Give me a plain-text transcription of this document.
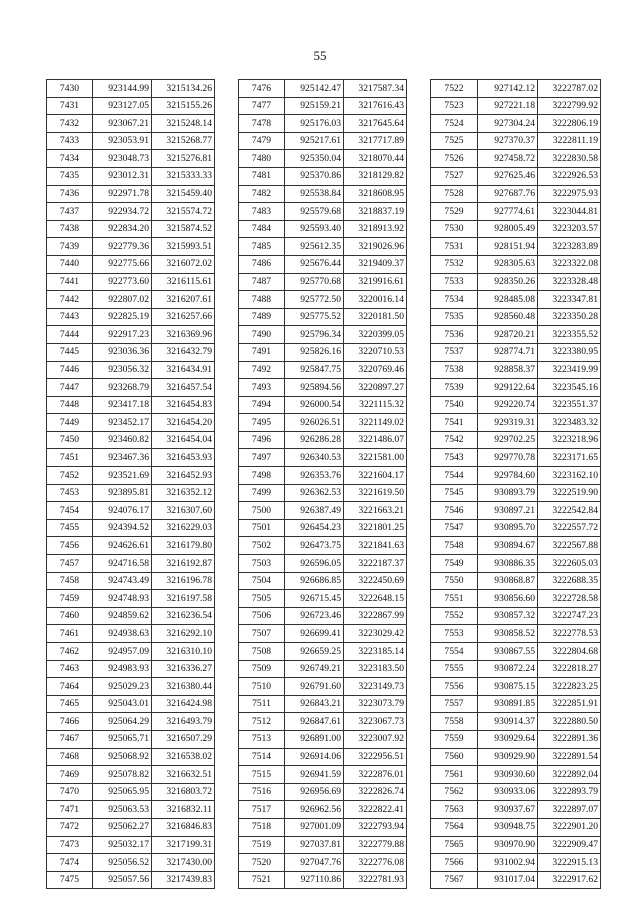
55
7430	923144.99	3215134.26
7431	923127.05	3215155.26
7432	923067.21	3215248.14
7433	923053.91	3215268.77
7434	923048.73	3215276.81
7435	923012.31	3215333.33
7436	922971.78	3215459.40
7437	922934.72	3215574.72
7438	922834.20	3215874.52
7439	922779.36	3215993.51
7440	922775.66	3216072.02
7441	922773.60	3216115.61
7442	922807.02	3216207.61
7443	922825.19	3216257.66
7444	922917.23	3216369.96
7445	923036.36	3216432.79
7446	923056.32	3216434.91
7447	923268.79	3216457.54
7448	923417.18	3216454.83
7449	923452.17	3216454.20
7450	923460.82	3216454.04
7451	923467.36	3216453.93
7452	923521.69	3216452.93
7453	923895.81	3216352.12
7454	924076.17	3216307.60
7455	924394.52	3216229.03
7456	924626.61	3216179.80
7457	924716.58	3216192.87
7458	924743.49	3216196.78
7459	924748.93	3216197.58
7460	924859.62	3216236.54
7461	924938.63	3216292.10
7462	924957.09	3216310.10
7463	924983.93	3216336.27
7464	925029.23	3216380.44
7465	925043.01	3216424.98
7466	925064.29	3216493.79
7467	925065.71	3216507.29
7468	925068.92	3216538.02
7469	925078.82	3216632.51
7470	925065.95	3216803.72
7471	925063.53	3216832.11
7472	925062.27	3216846.83
7473	925032.17	3217199.31
7474	925056.52	3217430.00
7475	925057.56	3217439.83
7476	925142.47	3217587.34
7477	925159.21	3217616.43
7478	925176.03	3217645.64
7479	925217.61	3217717.89
7480	925350.04	3218070.44
7481	925370.86	3218129.82
7482	925538.84	3218608.95
7483	925579.68	3218837.19
7484	925593.40	3218913.92
7485	925612.35	3219026.96
7486	925676.44	3219409.37
7487	925770.68	3219916.61
7488	925772.50	3220016.14
7489	925775.52	3220181.50
7490	925796.34	3220399.05
7491	925826.16	3220710.53
7492	925847.75	3220769.46
7493	925894.56	3220897.27
7494	926000.54	3221115.32
7495	926026.51	3221149.02
7496	926286.28	3221486.07
7497	926340.53	3221581.00
7498	926353.76	3221604.17
7499	926362.53	3221619.50
7500	926387.49	3221663.21
7501	926454.23	3221801.25
7502	926473.75	3221841.63
7503	926596.05	3222187.37
7504	926686.85	3222450.69
7505	926715.45	3222648.15
7506	926723.46	3222867.99
7507	926699.41	3223029.42
7508	926659.25	3223185.14
7509	926749.21	3223183.50
7510	926791.60	3223149.73
7511	926843.21	3223073.79
7512	926847.61	3223067.73
7513	926891.00	3223007.92
7514	926914.06	3222956.51
7515	926941.59	3222876.01
7516	926956.69	3222826.74
7517	926962.56	3222822.41
7518	927001.09	3222793.94
7519	927037.81	3222779.88
7520	927047.76	3222776.08
7521	927110.86	3222781.93
7522	927142.12	3222787.02
7523	927221.18	3222799.92
7524	927304.24	3222806.19
7525	927370.37	3222811.19
7526	927458.72	3222830.58
7527	927625.46	3222926.53
7528	927687.76	3222975.93
7529	927774.61	3223044.81
7530	928005.49	3223203.57
7531	928151.94	3223283.89
7532	928305.63	3223322.08
7533	928350.26	3223328.48
7534	928485.08	3223347.81
7535	928560.48	3223350.28
7536	928720.21	3223355.52
7537	928774.71	3223380.95
7538	928858.37	3223419.99
7539	929122.64	3223545.16
7540	929220.74	3223551.37
7541	929319.31	3223483.32
7542	929702.25	3223218.96
7543	929770.78	3223171.65
7544	929784.60	3223162.10
7545	930893.79	3222519.90
7546	930897.21	3222542.84
7547	930895.70	3222557.72
7548	930894.67	3222567.88
7549	930886.35	3222605.03
7550	930868.87	3222688.35
7551	930856.60	3222728.58
7552	930857.32	3222747.23
7553	930858.52	3222778.53
7554	930867.55	3222804.68
7555	930872.24	3222818.27
7556	930875.15	3222823.25
7557	930891.85	3222851.91
7558	930914.37	3222880.50
7559	930929.64	3222891.36
7560	930929.90	3222891.54
7561	930930.60	3222892.04
7562	930933.06	3222893.79
7563	930937.67	3222897.07
7564	930948.75	3222901.20
7565	930970.90	3222909.47
7566	931002.94	3222915.13
7567	931017.04	3222917.62
